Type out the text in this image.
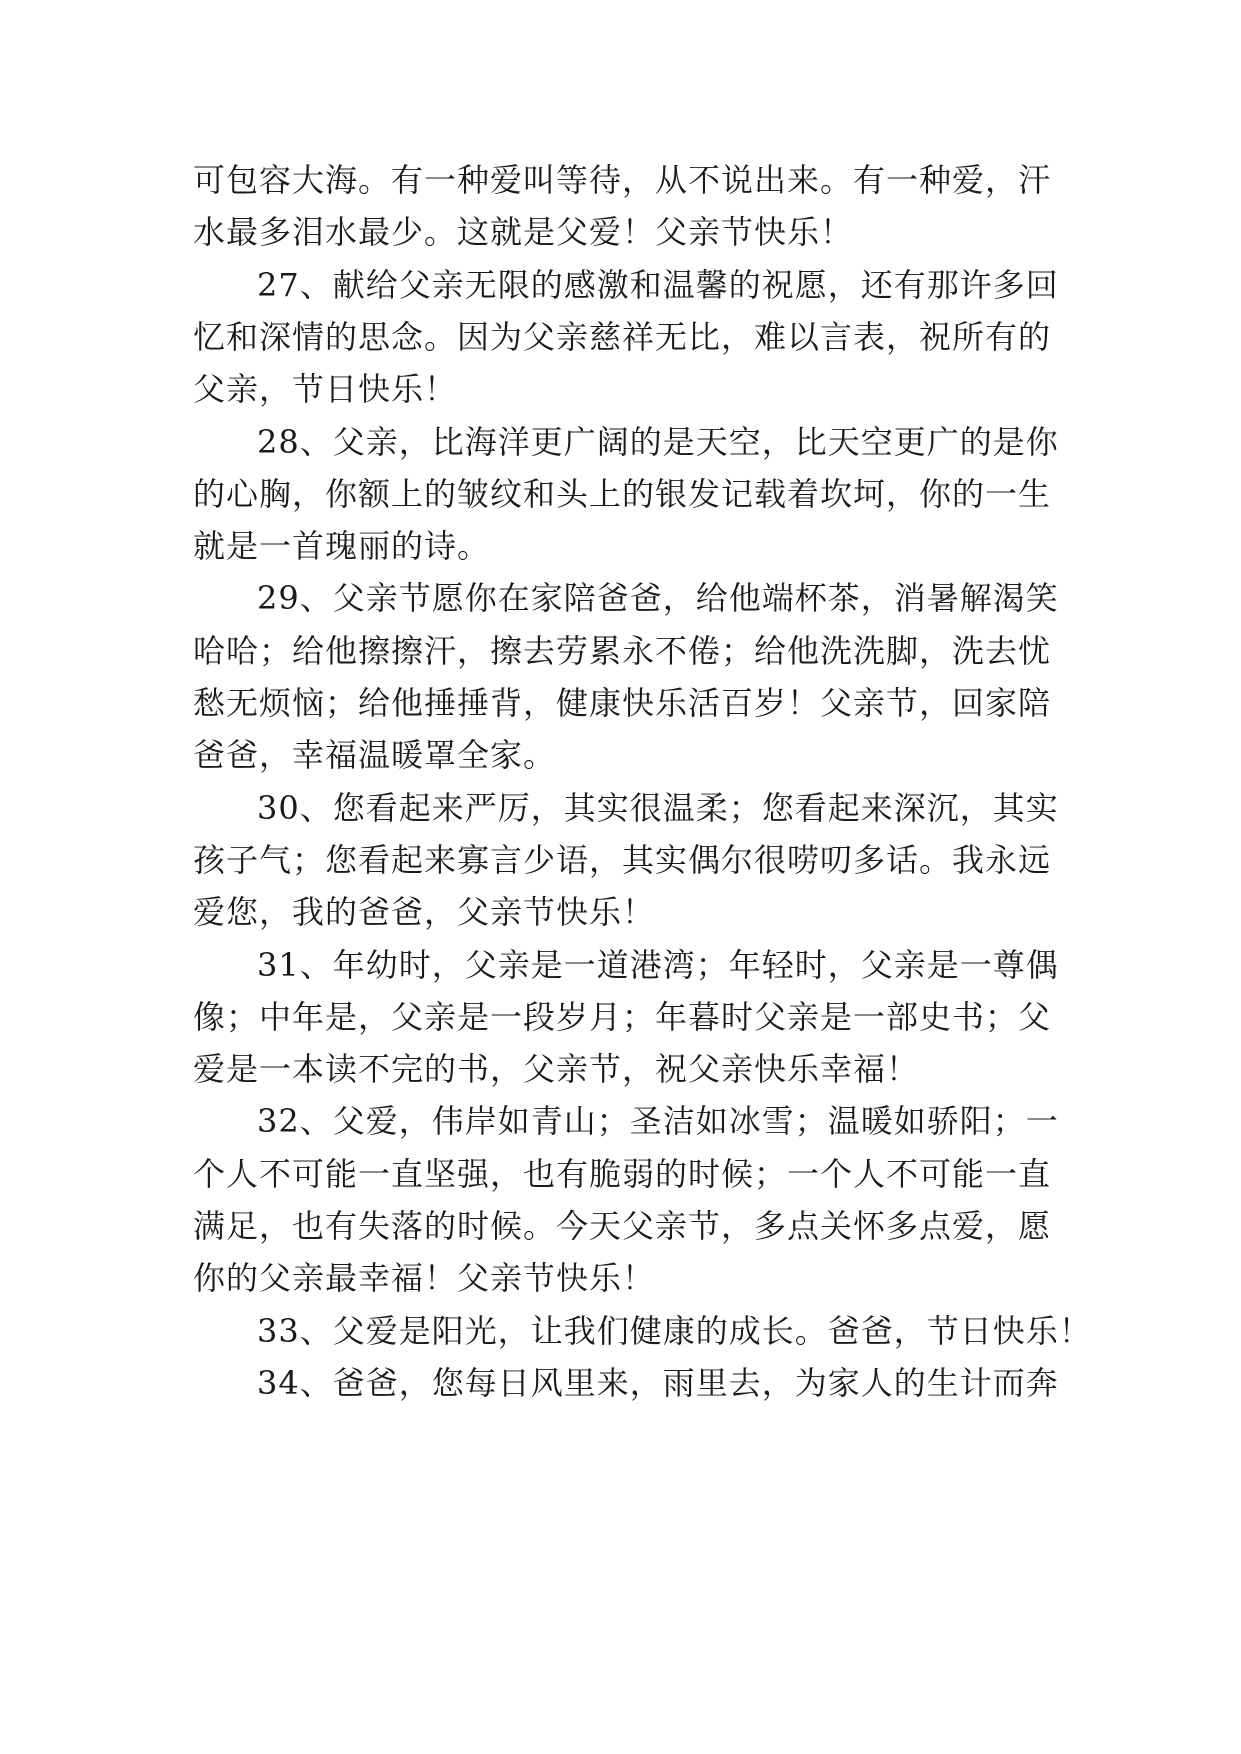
可包容大海。有一种爱叫等待，从不说出来。有一种爱，汗
水最多泪水最少。这就是父爱！父亲节快乐！
27、献给父亲无限的感激和温馨的祝愿，还有那许多回
忆和深情的思念。因为父亲慈祥无比，难以言表，祝所有的
父亲，节日快乐！
28、父亲，比海洋更广阔的是天空，比天空更广的是你
的心胸，你额上的皱纹和头上的银发记载着坎坷，你的一生
就是一首瑰丽的诗。
29、父亲节愿你在家陪爸爸，给他端杯茶，消暑解渴笑
哈哈；给他擦擦汗，擦去劳累永不倦；给他洗洗脚，洗去忧
愁无烦恼；给他捶捶背，健康快乐活百岁！父亲节，回家陪
爸爸，幸福温暖罩全家。
30、您看起来严厉，其实很温柔；您看起来深沉，其实
孩子气；您看起来寡言少语，其实偶尔很唠叨多话。我永远
爱您，我的爸爸，父亲节快乐！
31、年幼时，父亲是一道港湾；年轻时，父亲是一尊偶
像；中年是，父亲是一段岁月；年暮时父亲是一部史书；父
爱是一本读不完的书，父亲节，祝父亲快乐幸福！
32、父爱，伟岸如青山；圣洁如冰雪；温暖如骄阳；一
个人不可能一直坚强，也有脆弱的时候；一个人不可能一直
满足，也有失落的时候。今天父亲节，多点关怀多点爱，愿
你的父亲最幸福！父亲节快乐！
33、父爱是阳光，让我们健康的成长。爸爸，节日快乐！
34、爸爸，您每日风里来，雨里去，为家人的生计而奔
